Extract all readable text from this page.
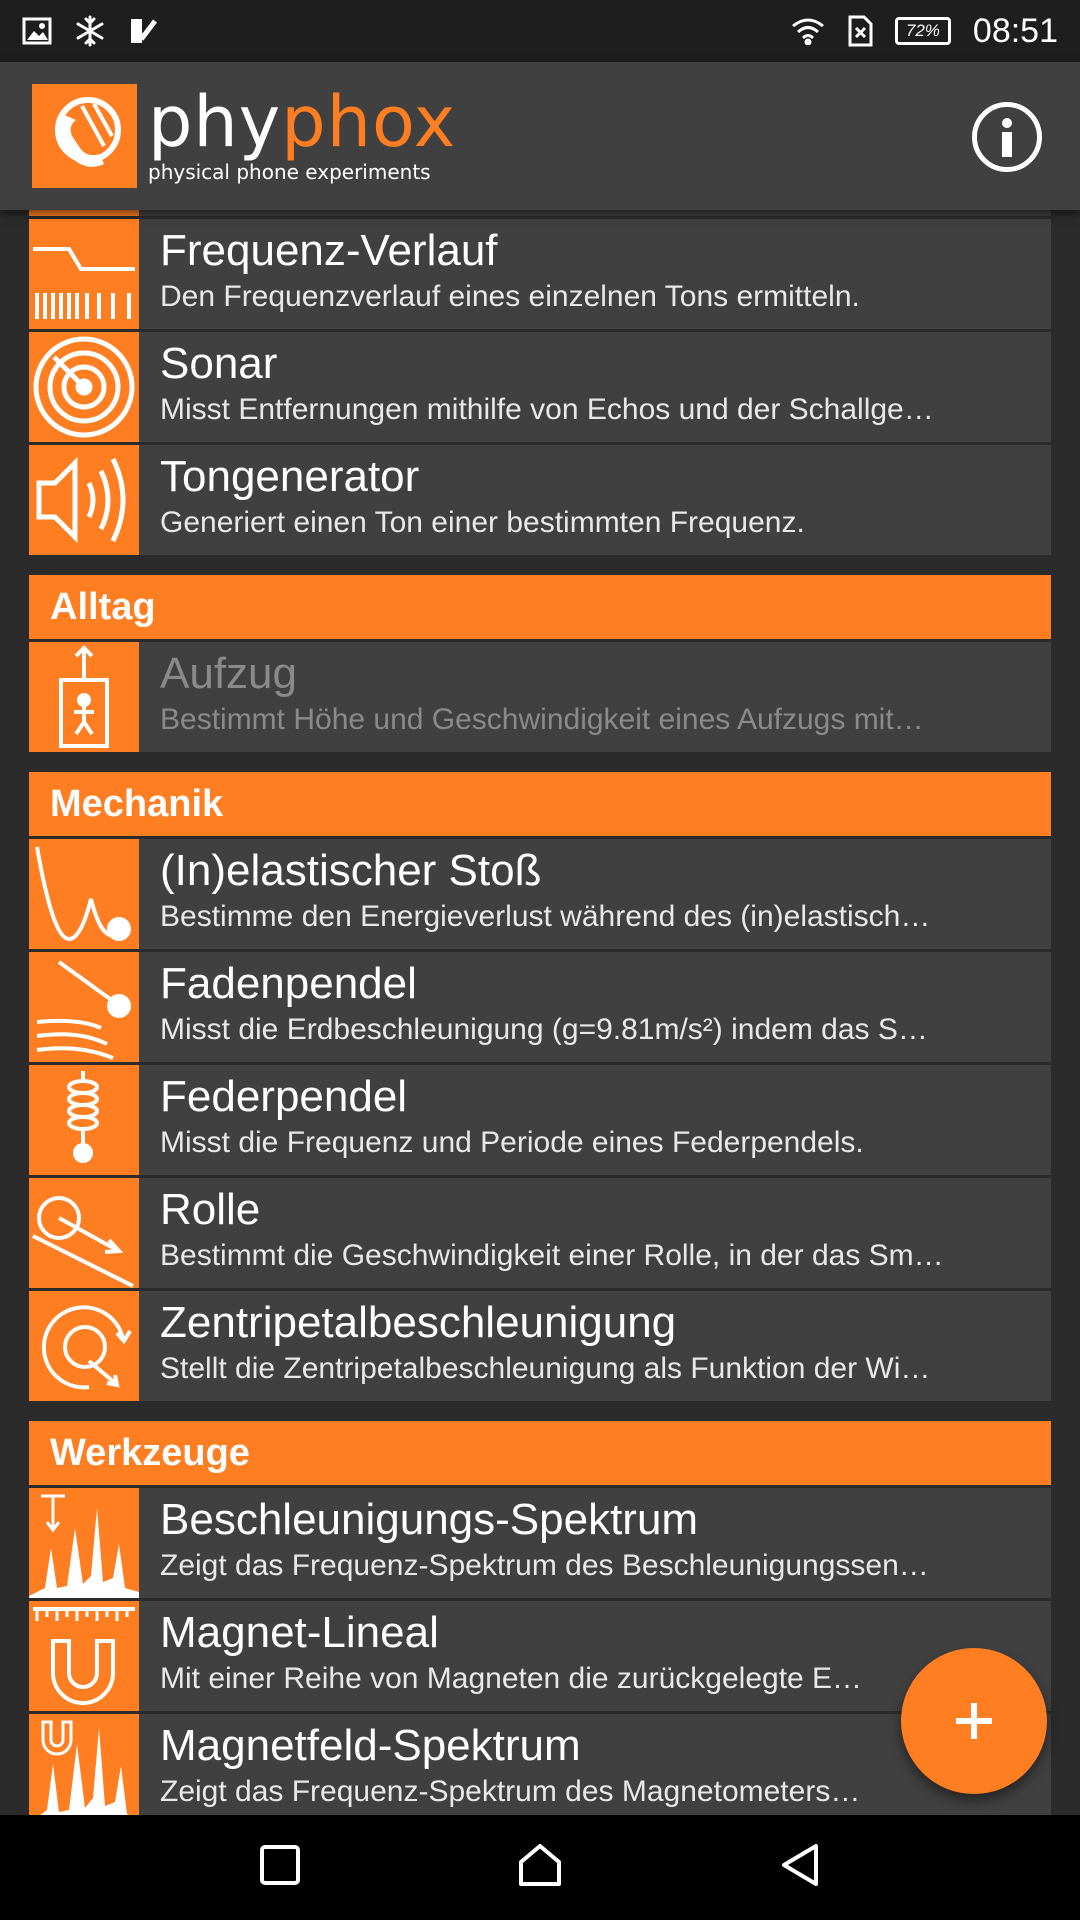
72% 08:51
phyphox
physical phone experiments
Frequenz-Verlauf
Den Frequenzverlauf eines einzelnen Tons ermitteln.
Sonar
Misst Entfernungen mithilfe von Echos und der Schallge…
Tongenerator
Generiert einen Ton einer bestimmten Frequenz.
Alltag
Aufzug
Bestimmt Höhe und Geschwindigkeit eines Aufzugs mit…
Mechanik
(In)elastischer Stoß
Bestimme den Energieverlust während des (in)elastisch…
Fadenpendel
Misst die Erdbeschleunigung (g=9.81m/s²) indem das S…
Federpendel
Misst die Frequenz und Periode eines Federpendels.
Rolle
Bestimmt die Geschwindigkeit einer Rolle, in der das Sm…
Zentripetalbeschleunigung
Stellt die Zentripetalbeschleunigung als Funktion der Wi…
Werkzeuge
Beschleunigungs-Spektrum
Zeigt das Frequenz-Spektrum des Beschleunigungssen…
Magnet-Lineal
Mit einer Reihe von Magneten die zurückgelegte E…
Magnetfeld-Spektrum
Zeigt das Frequenz-Spektrum des Magnetometers…
